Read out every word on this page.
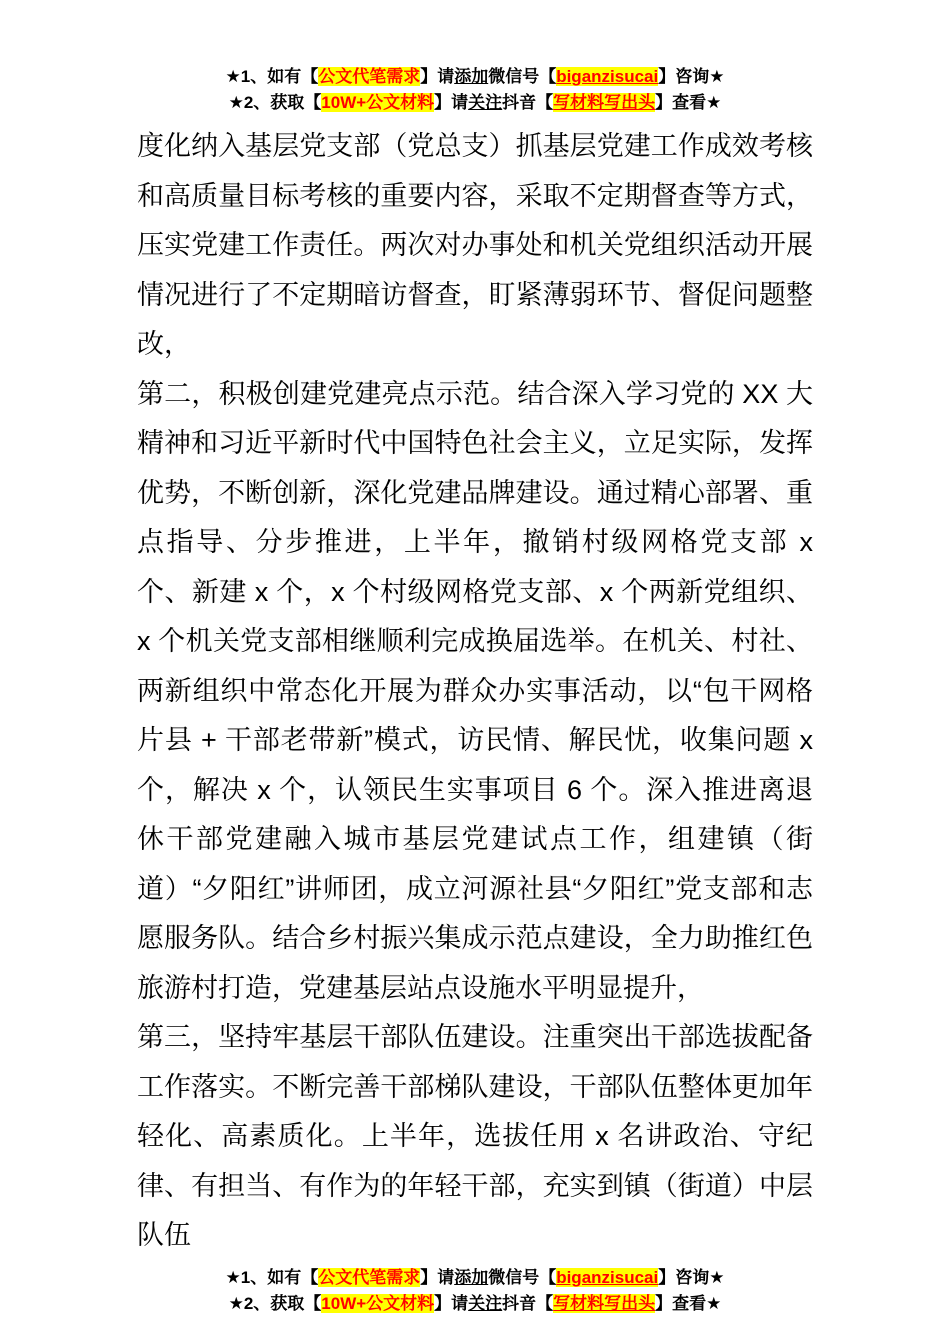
★1、如有【公文代笔需求】请添加微信号【biganzisucai】咨询★
★2、获取【10W+公文材料】请关注抖音【写材料写出头】查看★

度化纳入基层党支部（党总支）抓基层党建工作成效考核和高质量目标考核的重要内容，采取不定期督查等方式，压实党建工作责任。两次对办事处和机关党组织活动开展情况进行了不定期暗访督查，盯紧薄弱环节、督促问题整改，

第二，积极创建党建亮点示范。结合深入学习党的 XX 大精神和习近平新时代中国特色社会主义，立足实际，发挥优势，不断创新，深化党建品牌建设。通过精心部署、重点指导、分步推进，上半年，撤销村级网格党支部 x 个、新建 x 个，x 个村级网格党支部、x 个两新党组织、x 个机关党支部相继顺利完成换届选举。在机关、村社、两新组织中常态化开展为群众办实事活动，以“包干网格片县 + 干部老带新”模式，访民情、解民忧，收集问题 x 个，解决 x 个，认领民生实事项目 6 个。深入推进离退休干部党建融入城市基层党建试点工作，组建镇（街道）“夕阳红”讲师团，成立河源社县“夕阳红”党支部和志愿服务队。结合乡村振兴集成示范点建设，全力助推红色旅游村打造，党建基层站点设施水平明显提升，

第三，坚持牢基层干部队伍建设。注重突出干部选拔配备工作落实。不断完善干部梯队建设，干部队伍整体更加年轻化、高素质化。上半年，选拔任用 x 名讲政治、守纪律、有担当、有作为的年轻干部，充实到镇（街道）中层队伍

★1、如有【公文代笔需求】请添加微信号【biganzisucai】咨询★
★2、获取【10W+公文材料】请关注抖音【写材料写出头】查看★
